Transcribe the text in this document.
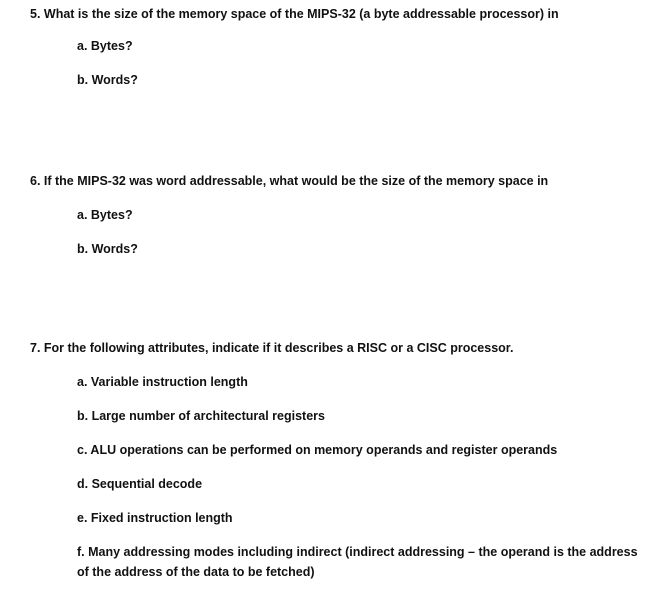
5. What is the size of the memory space of the MIPS-32 (a byte addressable processor) in
a. Bytes?
b. Words?
6. If the MIPS-32 was word addressable, what would be the size of the memory space in
a. Bytes?
b. Words?
7. For the following attributes, indicate if it describes a RISC or a CISC processor.
a. Variable instruction length
b. Large number of architectural registers
c. ALU operations can be performed on memory operands and register operands
d. Sequential decode
e. Fixed instruction length
f. Many addressing modes including indirect (indirect addressing – the operand is the address
of the address of the data to be fetched)
